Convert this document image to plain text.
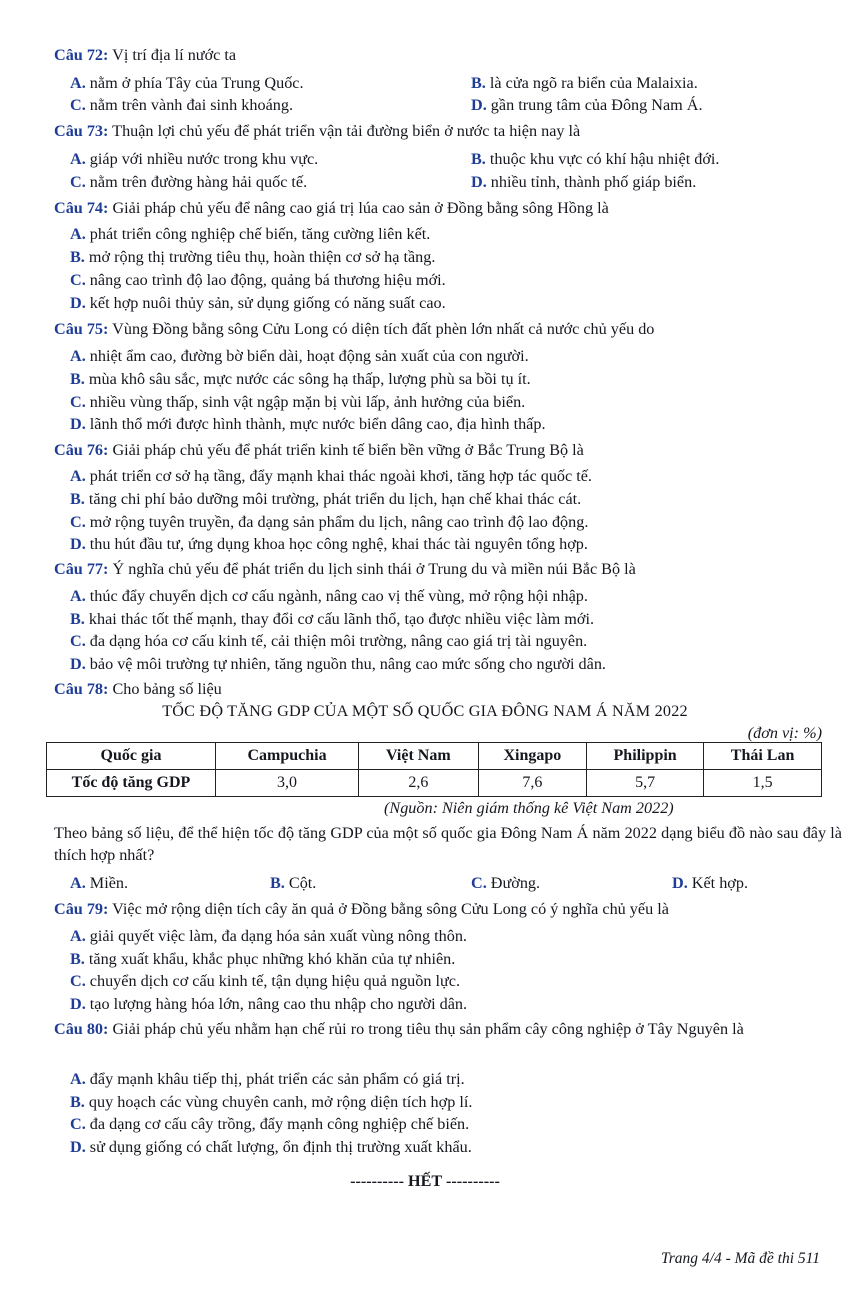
Câu 72: Vị trí địa lí nước ta
A. nằm ở phía Tây của Trung Quốc.	B. là cửa ngõ ra biển của Malaixia.
C. nằm trên vành đai sinh khoáng.	D. gần trung tâm của Đông Nam Á.
Câu 73: Thuận lợi chủ yếu để phát triển vận tải đường biển ở nước ta hiện nay là
A. giáp với nhiều nước trong khu vực.	B. thuộc khu vực có khí hậu nhiệt đới.
C. nằm trên đường hàng hải quốc tế.	D. nhiều tỉnh, thành phố giáp biển.
Câu 74: Giải pháp chủ yếu để nâng cao giá trị lúa cao sản ở Đồng bằng sông Hồng là
A. phát triển công nghiệp chế biến, tăng cường liên kết.
B. mở rộng thị trường tiêu thụ, hoàn thiện cơ sở hạ tầng.
C. nâng cao trình độ lao động, quảng bá thương hiệu mới.
D. kết hợp nuôi thủy sản, sử dụng giống có năng suất cao.
Câu 75: Vùng Đồng bằng sông Cửu Long có diện tích đất phèn lớn nhất cả nước chủ yếu do
A. nhiệt ẩm cao, đường bờ biển dài, hoạt động sản xuất của con người.
B. mùa khô sâu sắc, mực nước các sông hạ thấp, lượng phù sa bồi tụ ít.
C. nhiều vùng thấp, sinh vật ngập mặn bị vùi lấp, ảnh hưởng của biển.
D. lãnh thổ mới được hình thành, mực nước biển dâng cao, địa hình thấp.
Câu 76: Giải pháp chủ yếu để phát triển kinh tế biển bền vững ở Bắc Trung Bộ là
A. phát triển cơ sở hạ tầng, đẩy mạnh khai thác ngoài khơi, tăng hợp tác quốc tế.
B. tăng chi phí bảo dưỡng môi trường, phát triển du lịch, hạn chế khai thác cát.
C. mở rộng tuyên truyền, đa dạng sản phẩm du lịch, nâng cao trình độ lao động.
D. thu hút đầu tư, ứng dụng khoa học công nghệ, khai thác tài nguyên tổng hợp.
Câu 77: Ý nghĩa chủ yếu để phát triển du lịch sinh thái ở Trung du và miền núi Bắc Bộ là
A. thúc đẩy chuyển dịch cơ cấu ngành, nâng cao vị thế vùng, mở rộng hội nhập.
B. khai thác tốt thế mạnh, thay đổi cơ cấu lãnh thổ, tạo được nhiều việc làm mới.
C. đa dạng hóa cơ cấu kinh tế, cải thiện môi trường, nâng cao giá trị tài nguyên.
D. bảo vệ môi trường tự nhiên, tăng nguồn thu, nâng cao mức sống cho người dân.
Câu 78: Cho bảng số liệu
TỐC ĐỘ TĂNG GDP CỦA MỘT SỐ QUỐC GIA ĐÔNG NAM Á NĂM 2022
(đơn vị: %)
Quốc gia	Campuchia	Việt Nam	Xingapo	Philippin	Thái Lan
Tốc độ tăng GDP	3,0	2,6	7,6	5,7	1,5
(Nguồn: Niên giám thống kê Việt Nam 2022)
Theo bảng số liệu, để thể hiện tốc độ tăng GDP của một số quốc gia Đông Nam Á năm 2022 dạng biểu đồ nào sau đây là thích hợp nhất?
A. Miền.	B. Cột.	C. Đường.	D. Kết hợp.
Câu 79: Việc mở rộng diện tích cây ăn quả ở Đồng bằng sông Cửu Long có ý nghĩa chủ yếu là
A. giải quyết việc làm, đa dạng hóa sản xuất vùng nông thôn.
B. tăng xuất khẩu, khắc phục những khó khăn của tự nhiên.
C. chuyển dịch cơ cấu kinh tế, tận dụng hiệu quả nguồn lực.
D. tạo lượng hàng hóa lớn, nâng cao thu nhập cho người dân.
Câu 80: Giải pháp chủ yếu nhằm hạn chế rủi ro trong tiêu thụ sản phẩm cây công nghiệp ở Tây Nguyên là
A. đẩy mạnh khâu tiếp thị, phát triển các sản phẩm có giá trị.
B. quy hoạch các vùng chuyên canh, mở rộng diện tích hợp lí.
C. đa dạng cơ cấu cây trồng, đẩy mạnh công nghiệp chế biến.
D. sử dụng giống có chất lượng, ổn định thị trường xuất khẩu.
---------- HẾT ----------
Trang 4/4 - Mã đề thi 511
